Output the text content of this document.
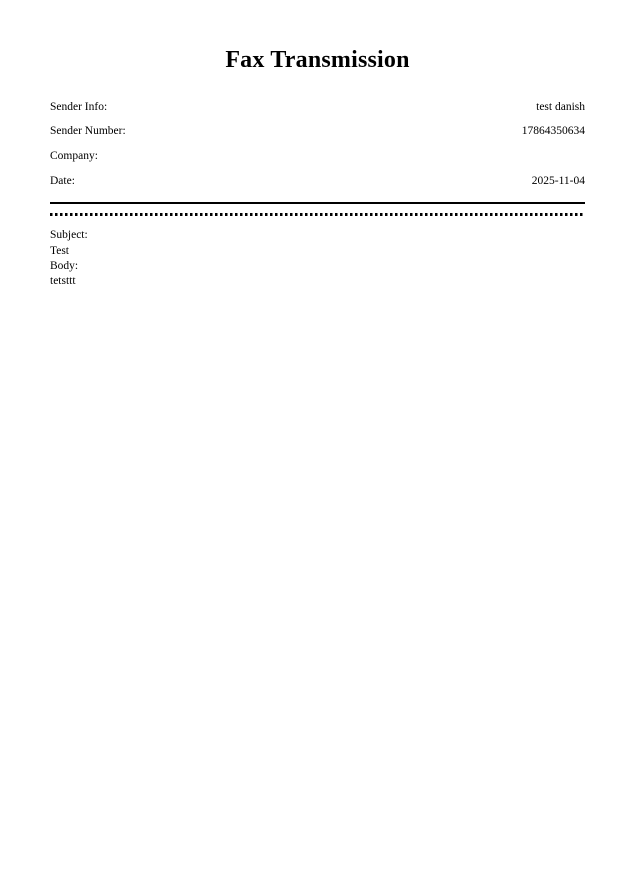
Fax Transmission
Sender Info:	test danish
Sender Number:	17864350634
Company:	
Date:	2025-11-04
Subject:
Test
Body:
tetsttt
